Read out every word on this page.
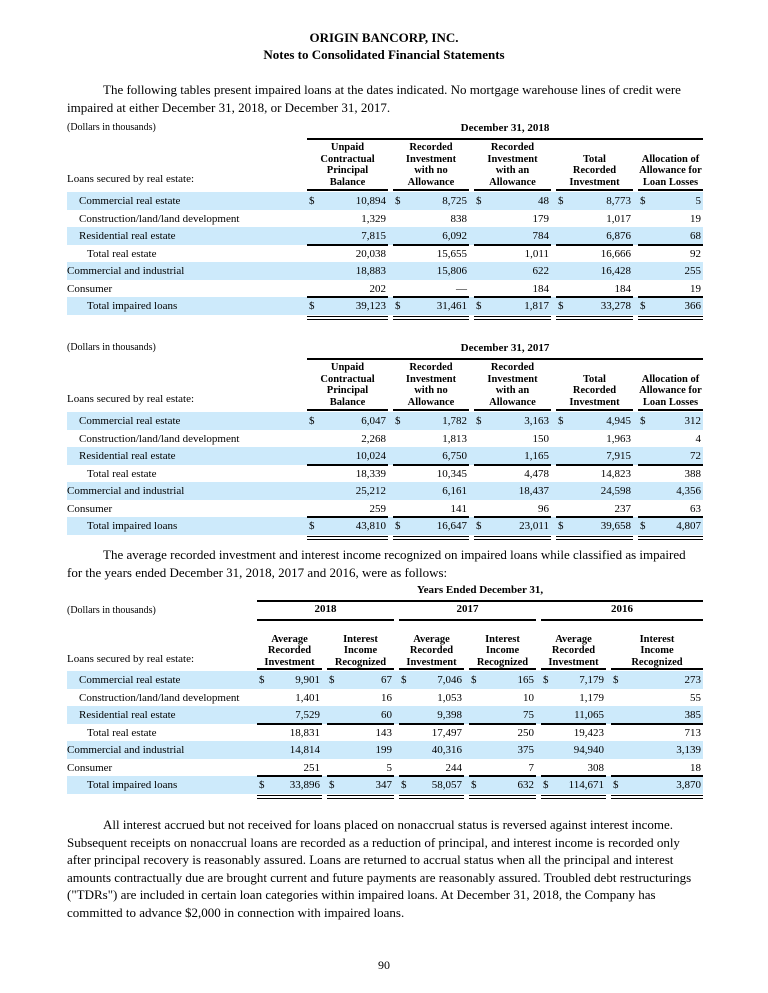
ORIGIN BANCORP, INC.
Notes to Consolidated Financial Statements

The following tables present impaired loans at the dates indicated. No mortgage warehouse lines of credit were impaired at either December 31, 2018, or December 31, 2017.

(Dollars in thousands)	December 31, 2018
Loans secured by real estate:
Unpaid
Contractual
Principal
Balance
Recorded
Investment
with no
Allowance
Recorded
Investment
with an
Allowance
Total
Recorded
Investment
Allocation of
Allowance for
Loan Losses
Commercial real estate	$	10,894 $	8,725 $	48 $	8,773 $	5
Construction/land/land development	1,329	838	179	1,017	19
Residential real estate	7,815	6,092	784	6,876	68
Total real estate	20,038	15,655	1,011	16,666	92
Commercial and industrial	18,883	15,806	622	16,428	255
Consumer	202	—	184	184	19
Total impaired loans	$	39,123 $	31,461 $	1,817 $	33,278 $	366
(Dollars in thousands)	December 31, 2017
Loans secured by real estate:
Unpaid
Contractual
Principal
Balance
Recorded
Investment
with no
Allowance
Recorded
Investment
with an
Allowance
Total
Recorded
Investment
Allocation of
Allowance for
Loan Losses
Commercial real estate	$	6,047 $	1,782 $	3,163 $	4,945 $	312
Construction/land/land development	2,268	1,813	150	1,963	4
Residential real estate	10,024	6,750	1,165	7,915	72
Total real estate	18,339	10,345	4,478	14,823	388
Commercial and industrial	25,212	6,161	18,437	24,598	4,356
Consumer	259	141	96	237	63
Total impaired loans	$	43,810 $	16,647 $	23,011 $	39,658 $	4,807

The average recorded investment and interest income recognized on impaired loans while classified as impaired for the years ended December 31, 2018, 2017 and 2016, were as follows:

Years Ended December 31,
(Dollars in thousands)	2018	2017	2016
Loans secured by real estate:
Average
Recorded
Investment
Interest
Income
Recognized
Average
Recorded
Investment
Interest
Income
Recognized
Average
Recorded
Investment
Interest
Income
Recognized
Commercial real estate	$	9,901 $	67 $	7,046 $	165 $	7,179 $	273
Construction/land/land development	1,401	16	1,053	10	1,179	55
Residential real estate	7,529	60	9,398	75	11,065	385
Total real estate	18,831	143	17,497	250	19,423	713
Commercial and industrial	14,814	199	40,316	375	94,940	3,139
Consumer	251	5	244	7	308	18
Total impaired loans	$	33,896 $	347 $	58,057 $	632 $	114,671 $	3,870

All interest accrued but not received for loans placed on nonaccrual status is reversed against interest income. Subsequent receipts on nonaccrual loans are recorded as a reduction of principal, and interest income is recorded only after principal recovery is reasonably assured. Loans are returned to accrual status when all the principal and interest amounts contractually due are brought current and future payments are reasonably assured. Troubled debt restructurings ("TDRs") are included in certain loan categories within impaired loans. At December 31, 2018, the Company has committed to advance $2,000 in connection with impaired loans.

90
